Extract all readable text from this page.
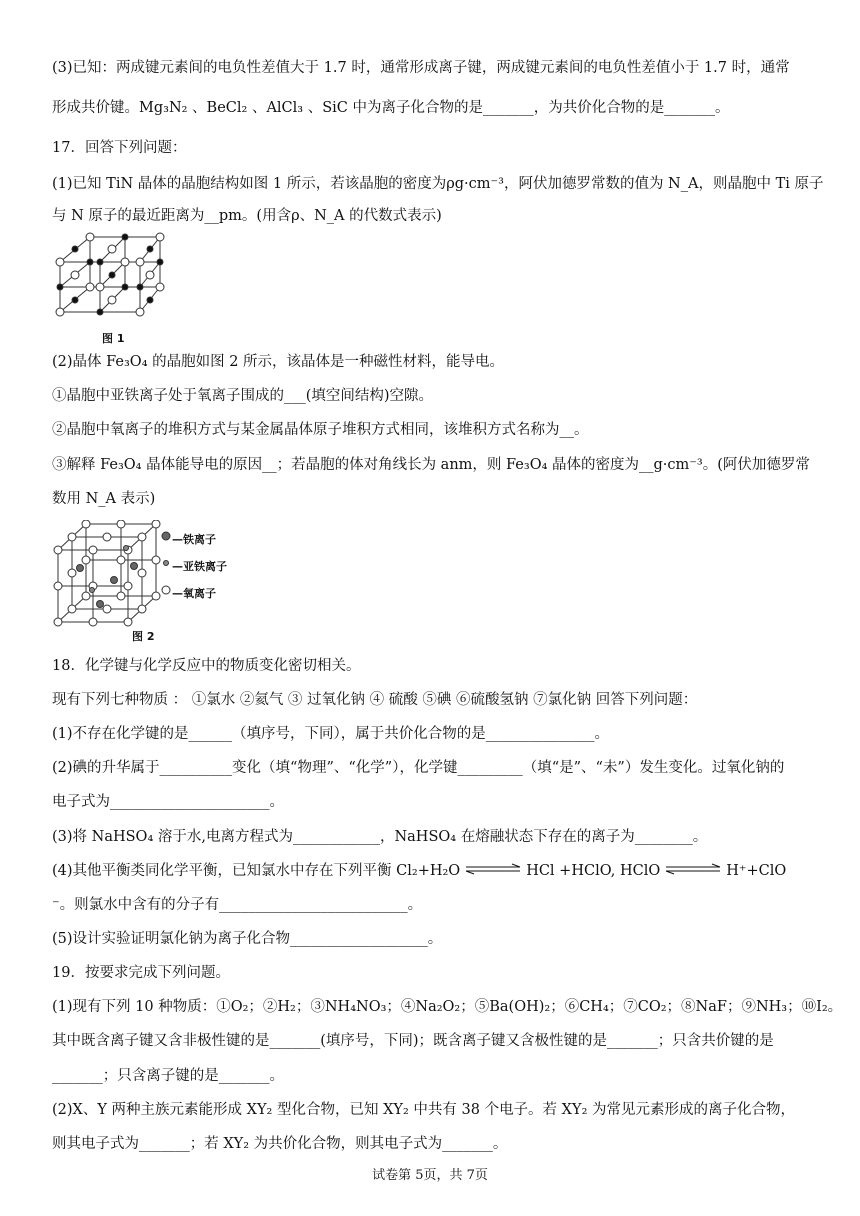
(3)已知：两成键元素间的电负性差值大于 1.7 时，通常形成离子键，两成键元素间的电负性差值小于 1.7 时，通常
形成共价键。Mg₃N₂ 、BeCl₂ 、AlCl₃ 、SiC 中为离子化合物的是_______，为共价化合物的是_______。
17．回答下列问题：
(1)已知 TiN 晶体的晶胞结构如图 1 所示，若该晶胞的密度为ρg·cm⁻³，阿伏加德罗常数的值为 N_A，则晶胞中 Ti 原子
与 N 原子的最近距离为__pm。(用含ρ、N_A 的代数式表示)
图 1
(2)晶体 Fe₃O₄ 的晶胞如图 2 所示，该晶体是一种磁性材料，能导电。
①晶胞中亚铁离子处于氧离子围成的___(填空间结构)空隙。
②晶胞中氧离子的堆积方式与某金属晶体原子堆积方式相同，该堆积方式名称为__。
③解释 Fe₃O₄ 晶体能导电的原因__；若晶胞的体对角线长为 anm，则 Fe₃O₄ 晶体的密度为__g·cm⁻³。(阿伏加德罗常
数用 N_A 表示)
—铁离子
—亚铁离子
—氧离子
图 2
18．化学键与化学反应中的物质变化密切相关。
现有下列七种物质 ： ①氯水 ②氦气 ③ 过氧化钠 ④ 硫酸 ⑤碘 ⑥硫酸氢钠 ⑦氯化钠 回答下列问题：
(1)不存在化学键的是______（填序号，下同），属于共价化合物的是_______________。
(2)碘的升华属于__________变化（填“物理”、“化学”），化学键_________（填“是”、“未”）发生变化。过氧化钠的
电子式为______________________。
(3)将 NaHSO₄ 溶于水,电离方程式为____________，NaHSO₄ 在熔融状态下存在的离子为________。
(4)其他平衡类同化学平衡，已知氯水中存在下列平衡 Cl₂+H₂O ⇌ HCl +HClO, HClO ⇌ H⁺+ClO
⁻。则氯水中含有的分子有__________________________。
(5)设计实验证明氯化钠为离子化合物___________________。
19．按要求完成下列问题。
(1)现有下列 10 种物质：①O₂；②H₂；③NH₄NO₃；④Na₂O₂；⑤Ba(OH)₂；⑥CH₄；⑦CO₂；⑧NaF；⑨NH₃；⑩I₂。
其中既含离子键又含非极性键的是_______(填序号，下同)；既含离子键又含极性键的是_______；只含共价键的是
_______；只含离子键的是_______。
(2)X、Y 两种主族元素能形成 XY₂ 型化合物，已知 XY₂ 中共有 38 个电子。若 XY₂ 为常见元素形成的离子化合物，
则其电子式为_______；若 XY₂ 为共价化合物，则其电子式为_______。
试卷第 5页，共 7页
